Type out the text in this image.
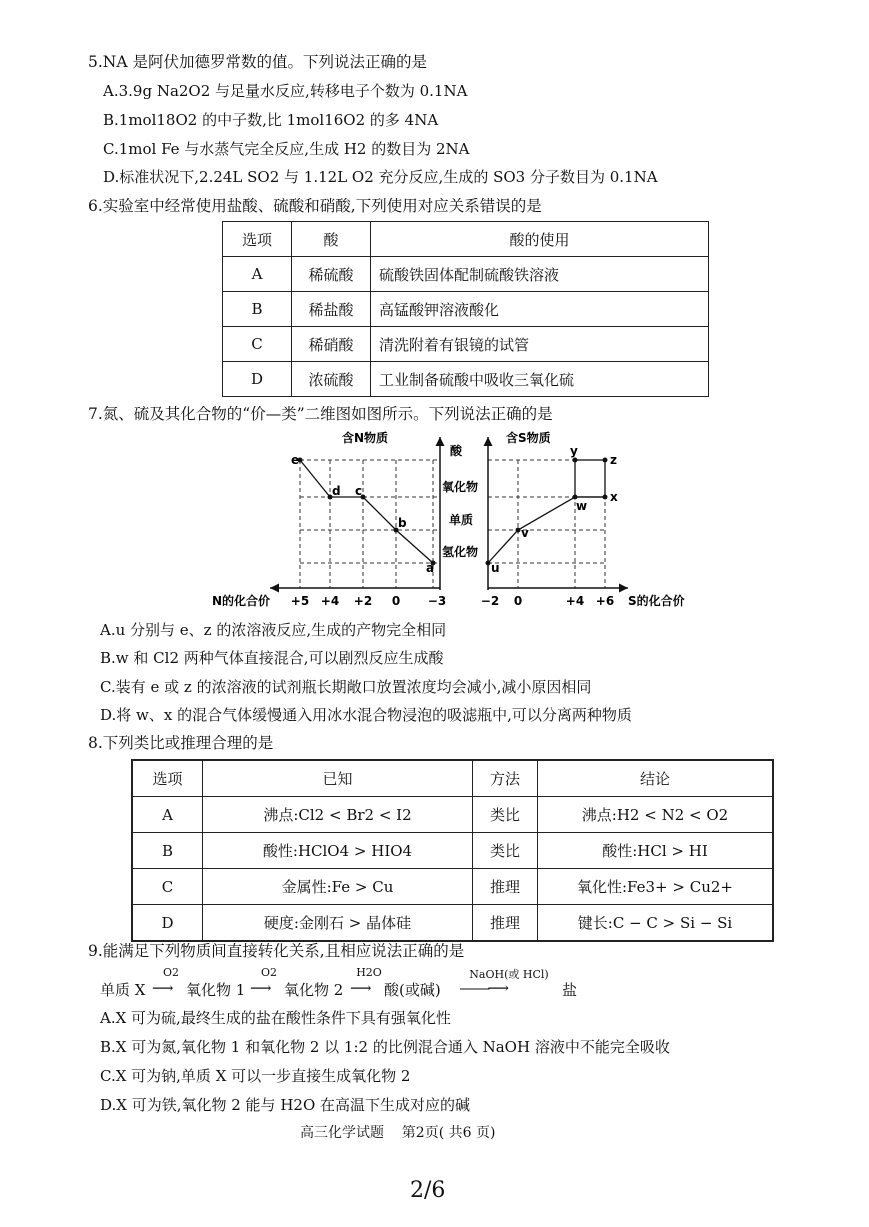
5.NA 是阿伏加德罗常数的值。下列说法正确的是
A.3.9g Na2O2 与足量水反应,转移电子个数为 0.1NA
B.1mol18O2 的中子数,比 1mol16O2 的多 4NA
C.1mol Fe 与水蒸气完全反应,生成 H2 的数目为 2NA
D.标准状况下,2.24L SO2 与 1.12L O2 充分反应,生成的 SO3 分子数目为 0.1NA
6.实验室中经常使用盐酸、硫酸和硝酸,下列使用对应关系错误的是
选项	酸	酸的使用
A	稀硫酸	硫酸铁固体配制硫酸铁溶液
B	稀盐酸	高锰酸钾溶液酸化
C	稀硝酸	清洗附着有银镜的试管
D	浓硫酸	工业制备硫酸中吸收三氧化硫
7.氮、硫及其化合物的“价—类”二维图如图所示。下列说法正确的是
e
d c
b
a	u
v
w
x
y
z
含N物质	含S物质
酸
氧化物
单质
氢化物
N的化合价	S的化合价
+5 +4 +2 0 −3	−2 0	+4 +6
A.u 分别与 e、z 的浓溶液反应,生成的产物完全相同
B.w 和 Cl2 两种气体直接混合,可以剧烈反应生成酸
C.装有 e 或 z 的浓溶液的试剂瓶长期敞口放置浓度均会减小,减小原因相同
D.将 w、x 的混合气体缓慢通入用冰水混合物浸泡的吸滤瓶中,可以分离两种物质
8.下列类比或推理合理的是
选项	已知	方法	结论
A	沸点:Cl2 < Br2 < I2	类比	沸点:H2 < N2 < O2
B	酸性:HClO4 > HIO4	类比	酸性:HCl > HI
C	金属性:Fe > Cu	推理	氧化性:Fe3+ > Cu2+
D	硬度:金刚石 > 晶体硅	推理	键长:C − C > Si − Si
9.能满足下列物质间直接转化关系,且相应说法正确的是
单质 X
O2
⟶ 氧化物 1
O2
⟶ 氧化物 2
H2O
⟶ 酸(或碱)
NaOH(或 HCl)
⎯⎯⎯⎯⎯⟶	盐
A.X 可为硫,最终生成的盐在酸性条件下具有强氧化性
B.X 可为氮,氧化物 1 和氧化物 2 以 1:2 的比例混合通入 NaOH 溶液中不能完全吸收
C.X 可为钠,单质 X 可以一步直接生成氧化物 2
D.X 可为铁,氧化物 2 能与 H2O 在高温下生成对应的碱
高三化学试题    第2页( 共6 页)
2/6
